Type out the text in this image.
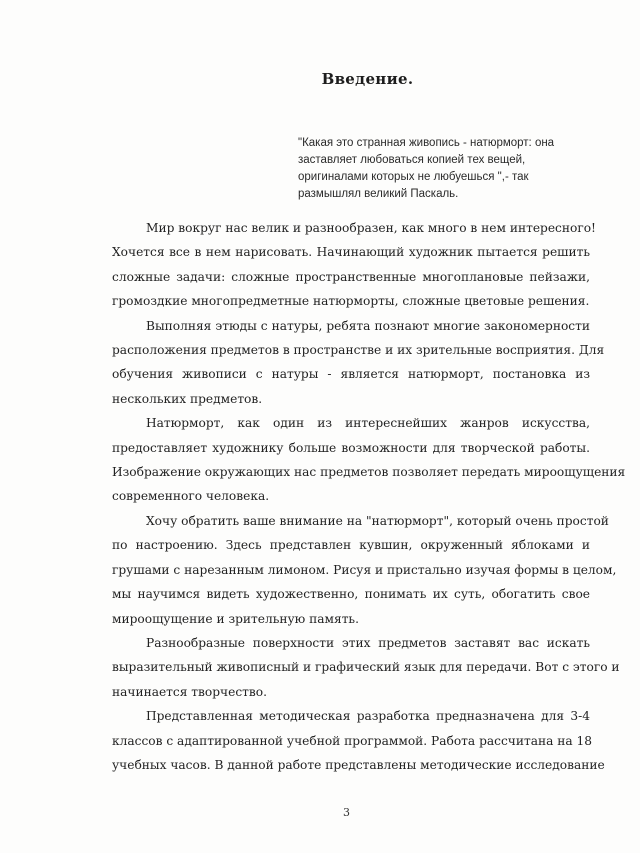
Введение.
"Какая это странная живопись - натюрморт: она
заставляет любоваться копией тех вещей,
оригиналами которых не любуешься ",- так
размышлял великий Паскаль.
Мир вокруг нас велик и разнообразен, как много в нем интересного!
Хочется все в нем нарисовать. Начинающий художник пытается решить
сложные задачи: сложные пространственные многоплановые пейзажи,
громоздкие многопредметные натюрморты, сложные цветовые решения.
Выполняя этюды с натуры, ребята познают многие закономерности
расположения предметов в пространстве и их зрительные восприятия. Для
обучения живописи с натуры - является натюрморт, постановка из
нескольких предметов.
Натюрморт, как один из интереснейших жанров искусства,
предоставляет художнику больше возможности для творческой работы.
Изображение окружающих нас предметов позволяет передать мироощущения
современного человека.
Хочу обратить ваше внимание на "натюрморт", который очень простой
по настроению. Здесь представлен кувшин, окруженный яблоками и
грушами с нарезанным лимоном. Рисуя и пристально изучая формы в целом,
мы научимся видеть художественно, понимать их суть, обогатить свое
мироощущение и зрительную память.
Разнообразные поверхности этих предметов заставят вас искать
выразительный живописный и графический язык для передачи. Вот с этого и
начинается творчество.
Представленная методическая разработка предназначена для 3-4
классов с адаптированной учебной программой. Работа рассчитана на 18
учебных часов. В данной работе представлены методические исследование
3
